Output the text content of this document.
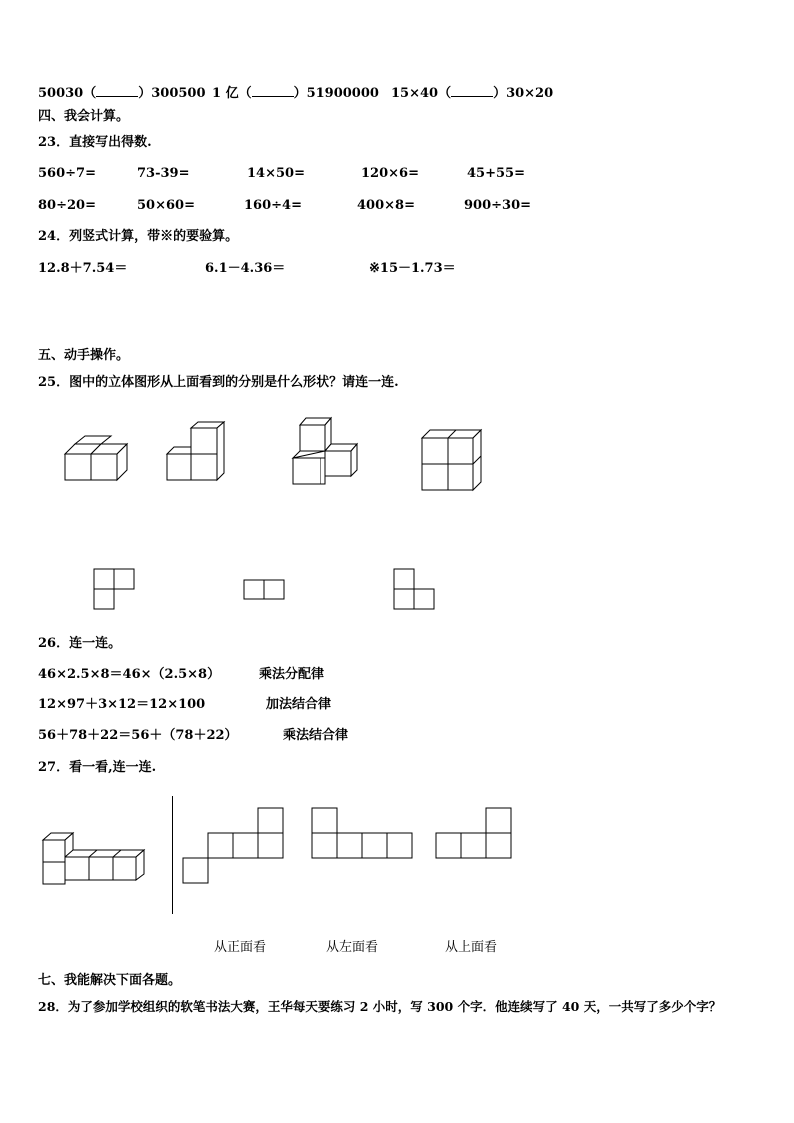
50030（	）300500 1 亿（	）51900000 15×40（	）30×20
四、我会计算。
23．直接写出得数.
560÷7=	73-39=	14×50=	120×6=	45+55=
80÷20=	50×60=	160÷4=	400×8=	900÷30=
24．列竖式计算，带※的要验算。
12.8＋7.54＝	6.1－4.36＝	※15－1.73＝
五、动手操作。
25．图中的立体图形从上面看到的分别是什么形状？请连一连.
26．连一连。
46×2.5×8＝46×（2.5×8）	乘法分配律
12×97＋3×12＝12×100	加法结合律
56＋78＋22＝56＋（78＋22）	乘法结合律
27．看一看,连一连.
从正面看	从左面看	从上面看
七、我能解决下面各题。
28．为了参加学校组织的软笔书法大赛，王华每天要练习 2 小时，写 300 个字．他连续写了 40 天，一共写了多少个字？
